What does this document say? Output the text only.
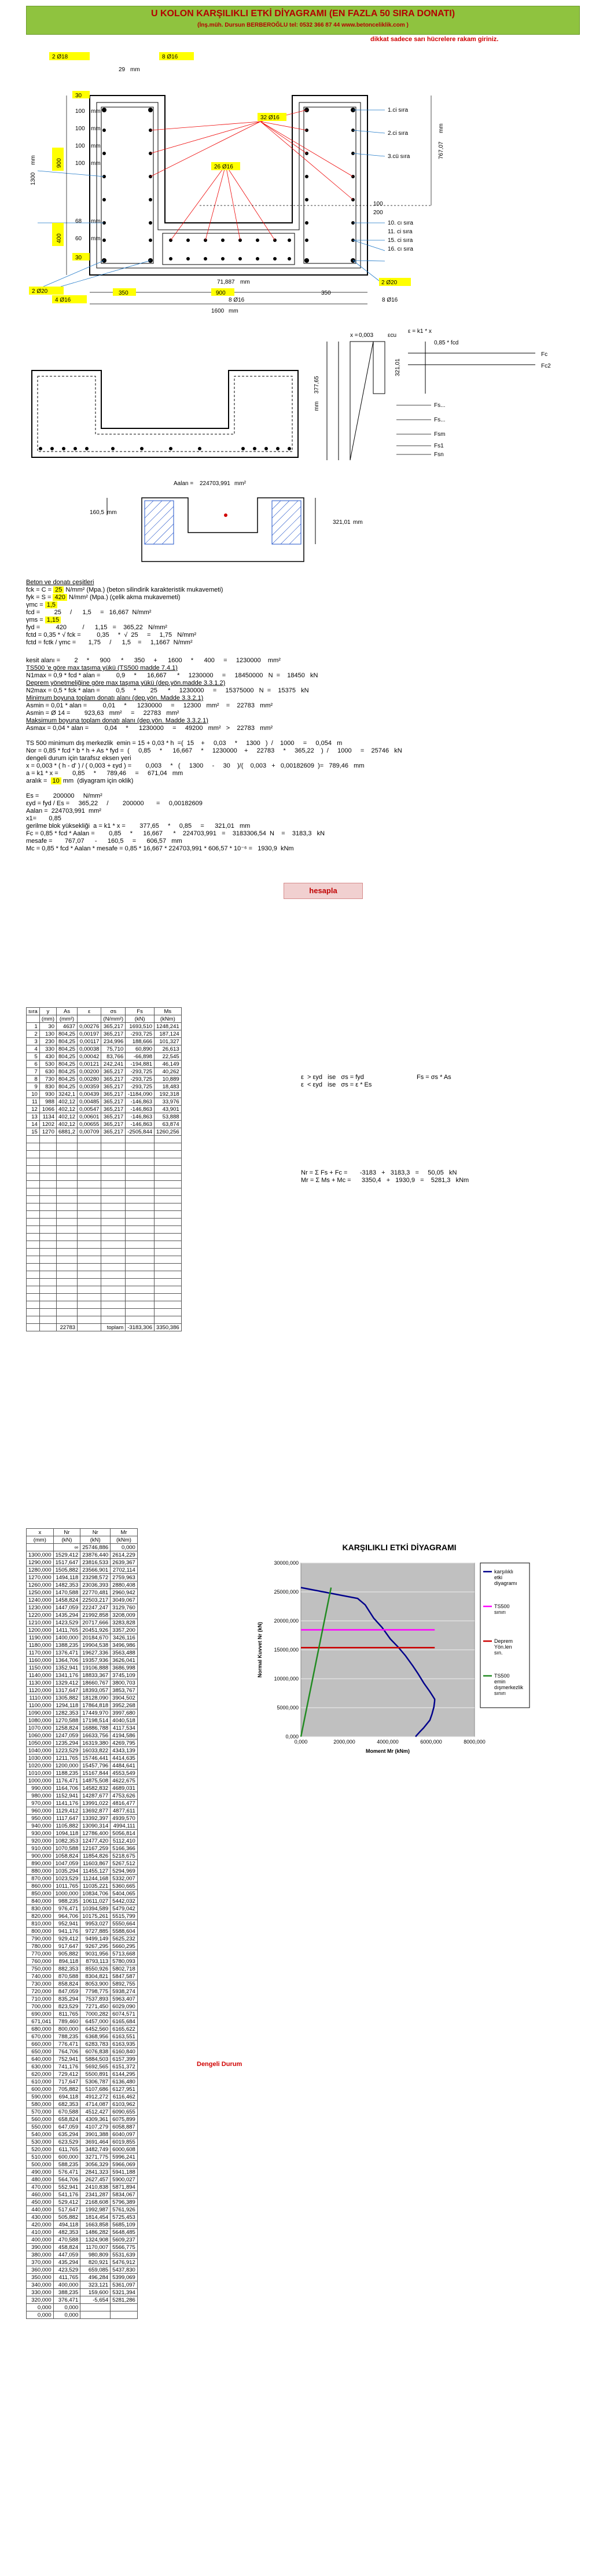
U KOLON KARŞILIKLI ETKİ DİYAGRAMI (EN FAZLA 50 SIRA DONATI)
(İnş.müh. Dursun BERBEROĞLU tel: 0532 366 87 44 www.betonceliklik.com )
dikkat sadece sarı hücrelere rakam giriniz.
2 Ø18	8 Ø16
29 mm
32 Ø16
26 Ø16
2 Ø20
2 Ø20
4 Ø16	8 Ø16	8 Ø16
1300
mm
767,07
mm
71,887 mm
1600 mm
350	900	350
30
100 mm
100 mm
100 mm
100 mm
68 mm
60 mm
30
900
400
1.ci sıra
2.ci sıra
3.cü sıra
10. cı sıra
11. ci sıra
15. ci sıra
16. cı sıra
100
200
ε = k1 * x
x = 0,003 εcu
0,85 * fcd
377,65
mm
321,01
Fc
Fc2
Fs...
Fs...
Fsm
Fs1
Fsn
Aalan = 224703,991 mm²
160,5 mm
321,01 mm
Beton ve donatı çeşitleri
fck = C = 25 N/mm² (Mpa.) (beton silindirik karakteristik mukavemeti)
fyk = S = 420 N/mm² (Mpa.) (çelik akma mukavemeti)
γmc = 1,5
fcd =        25     /      1,5     =   16,667  N/mm²
γms = 1,15
fyd =         420         /      1,15   =    365,22   N/mm²
fctd = 0,35 * √ fck =         0,35     *  √  25     =     1,75   N/mm²
fctd = fctk / γmc =       1,75     /      1,5    =     1,1667  N/mm²
kesit alanı =        2     *      900      *      350     +      1600     *      400     =     1230000    mm²
TS500 'e göre max taşıma yükü (TS500 madde 7.4.1)
N1max = 0,9 * fcd * alan =         0,9     *      16,667      *     1230000     =     18450000   N  =    18450   kN
Deprem yönetmeliğine göre max taşıma yükü (dep.yön.madde 3.3.1.2)
N2max = 0,5 * fck * alan =         0,5     *        25      *     1230000     =     15375000   N  =    15375   kN
Minimum boyuna toplam donatı alanı (dep.yön. Madde 3.3.2.1)
Asmin = 0,01 * alan =         0,01     *      1230000     =     12300   mm²    =    22783   mm²
Asmin = Ø 14 =        923,63   mm²     =     22783   mm²
Maksimum boyuna toplam donatı alanı (dep.yön. Madde 3.3.2.1)
Asmax = 0,04 * alan =         0,04     *      1230000     =     49200   mm²   >    22783   mm²
TS 500 minimum dış merkezlik  emin = 15 + 0,03 * h  =(  15    +     0,03     *     1300   )  /    1000     =     0,054   m
Nor = 0,85 * fcd * b * h + As * fyd =  (     0,85     *      16,667     *     1230000    +     22783     *     365,22    )  /     1000     =    25746   kN
dengeli durum için tarafsız eksen yeri
x = 0,003 * ( h - d' ) / ( 0,003 + εyd ) =        0,003     *   (     1300     -     30    )/(    0,003   +   0,00182609  )=   789,46   mm
a = k1 * x =        0,85     *      789,46     =     671,04   mm
aralık =  10 mm  (diyagram için oklik)
Es =        200000     N/mm²
εyd = fyd / Es =     365,22     /        200000       =     0,00182609
Aalan =  224703,991  mm²
x1=       0,85
gerilme blok yüksekliği  a = k1 * x =        377,65     *     0,85     =      321,01   mm
Fc = 0,85 * fcd * Aalan =        0,85     *      16,667      *    224703,991   =    3183306,54  N    =    3183,3   kN
mesafe =       767,07      -      160,5     =      606,57   mm
Mc = 0,85 * fcd * Aalan * mesafe = 0,85 * 16,667 * 224703,991 * 606,57 * 10⁻⁶ =   1930,9  kNm
hesapla
sıra	y	As	ε	σs	Fs	Ms
	(mm)	(mm²)		(N/mm²)	(kN)	(kNm)
1	30	4637	0,00276	365,217	1693,510	1248,241
2	130	804,25	0,00197	365,217	-293,725	187,124
3	230	804,25	0,00117	234,996	188,666	101,327
4	330	804,25	0,00038	75,710	60,890	26,613
5	430	804,25	0,00042	83,766	-66,898	22,545
6	530	804,25	0,00121	242,241	-194,881	46,149
7	630	804,25	0,00200	365,217	-293,725	40,262
8	730	804,25	0,00280	365,217	-293,725	10,889
9	830	804,25	0,00359	365,217	-293,725	18,483
10	930	3242,1	0,00439	365,217	-1184,090	192,318
11	988	402,12	0,00485	365,217	-146,863	33,976
12	1066	402,12	0,00547	365,217	-146,863	43,901
13	1134	402,12	0,00601	365,217	-146,863	53,888
14	1202	402,12	0,00655	365,217	-146,863	63,874
15	1270	6881,2	0,00709	365,217	-2505,844	1260,256

		22783		toplam	-3183,306	3350,386
ε  > εyd   ise   σs = fyd
ε  < εyd   ise   σs = ε * Es
Fs = σs * As
Nr = Σ Fs + Fc =       -3183   +   3183,3   =     50,05   kN
Mr = Σ Ms + Mc =      3350,4   +   1930,9   =    5281,3   kNm
x	Nr	Nr	Mr
(mm)	(kN)	(kN)	(kNm)
	∞	25746,886	0,000
1300,000	1529,412	23876,440	2614,229
1290,000	1517,647	23816,533	2639,367
1280,000	1505,882	23566,901	2702,114
1270,000	1494,118	23298,572	2759,963
1260,000	1482,353	23036,393	2880,408
1250,000	1470,588	22770,481	2960,942
1240,000	1458,824	22503,217	3049,067
1230,000	1447,059	22247,247	3129,760
1220,000	1435,294	21992,858	3208,009
1210,000	1423,529	20717,666	3283,828
1200,000	1411,765	20451,926	3357,200
1190,000	1400,000	20184,670	3426,116
1180,000	1388,235	19904,538	3496,986
1170,000	1376,471	19627,336	3563,488
1160,000	1364,706	19357,936	3626,041
1150,000	1352,941	19106,888	3686,998
1140,000	1341,176	18833,367	3745,109
1130,000	1329,412	18660,767	3800,703
1120,000	1317,647	18393,057	3853,767
1110,000	1305,882	18128,090	3904,502
1100,000	1294,118	17864,818	3952,268
1090,000	1282,353	17449,970	3997,680
1080,000	1270,588	17198,514	4040,518
1070,000	1258,824	16886,788	4117,534
1060,000	1247,059	16633,756	4194,586
1050,000	1235,294	16319,380	4269,795
1040,000	1223,529	16033,822	4343,139
1030,000	1211,765	15746,441	4414,635
1020,000	1200,000	15457,796	4484,641
1010,000	1188,235	15167,844	4553,549
1000,000	1176,471	14875,508	4622,675
990,000	1164,706	14582,832	4689,031
980,000	1152,941	14287,677	4753,626
970,000	1141,176	13991,022	4816,477
960,000	1129,412	13692,877	4877,611
950,000	1117,647	13392,397	4939,570
940,000	1105,882	13090,314	4994,111
930,000	1094,118	12786,400	5056,814
920,000	1082,353	12477,420	5112,410
910,000	1070,588	12167,259	5166,366
900,000	1058,824	11854,826	5218,675
890,000	1047,059	11603,867	5267,512
880,000	1035,294	11455,127	5294,969
870,000	1023,529	11244,168	5332,007
860,000	1011,765	11035,221	5360,665
850,000	1000,000	10834,706	5404,065
840,000	988,235	10611,027	5442,032
830,000	976,471	10394,589	5479,042
820,000	964,706	10175,261	5515,799
810,000	952,941	9953,027	5550,664
800,000	941,176	9727,885	5588,604
790,000	929,412	9499,149	5625,232
780,000	917,647	9267,295	5660,295
770,000	905,882	9031,956	5713,668
760,000	894,118	8793,113	5780,093
750,000	882,353	8550,926	5802,718
740,000	870,588	8304,821	5847,587
730,000	858,824	8053,900	5892,755
720,000	847,059	7798,775	5938,274
710,000	835,294	7537,893	5963,407
700,000	823,529	7271,450	6029,090
690,000	811,765	7000,282	6074,571
671,041	789,460	6457,000	6165,684
680,000	800,000	6452,560	6165,622
670,000	788,235	6368,956	6163,551
660,000	776,471	6283,783	6163,935
650,000	764,706	6076,838	6160,840
640,000	752,941	5884,503	6157,399
630,000	741,176	5692,565	6151,372
620,000	729,412	5500,891	6144,295
610,000	717,647	5306,787	6136,480
600,000	705,882	5107,686	6127,951
590,000	694,118	4912,272	6116,462
580,000	682,353	4714,087	6103,962
570,000	670,588	4512,427	6090,655
560,000	658,824	4309,361	6075,899
550,000	647,059	4107,279	6058,887
540,000	635,294	3901,388	6040,097
530,000	623,529	3691,464	6019,855
520,000	611,765	3482,749	6000,608
510,000	600,000	3271,775	5996,241
500,000	588,235	3056,329	5966,069
490,000	576,471	2841,323	5941,188
480,000	564,706	2627,457	5900,027
470,000	552,941	2410,838	5871,894
460,000	541,176	2341,287	5834,067
450,000	529,412	2168,608	5796,389
440,000	517,647	1992,987	5761,926
430,000	505,882	1814,454	5725,453
420,000	494,118	1663,858	5685,109
410,000	482,353	1486,282	5648,485
400,000	470,588	1324,908	5609,237
390,000	458,824	1170,007	5566,775
380,000	447,059	980,809	5531,639
370,000	435,294	820,921	5476,912
360,000	423,529	659,085	5437,830
350,000	411,765	496,284	5399,069
340,000	400,000	323,121	5361,097
330,000	388,235	159,600	5321,394
320,000	376,471	-5,654	5281,286
0,000	0,000		
0,000	0,000		
Dengeli Durum
KARŞILIKLI ETKİ DİYAGRAMI
0,000
5000,000
10000,000
15000,000
20000,000
25000,000
30000,000
0,000	2000,000	4000,000	6000,000	8000,000
Moment Mr (kNm)
Normal Kuvvet Nr (kN)
karşılıklı
etki
diyagramı
TS500
sınırı
Deprem
Yön.len
sın.
TS500
emin
dışmerkezlik
sınırı
